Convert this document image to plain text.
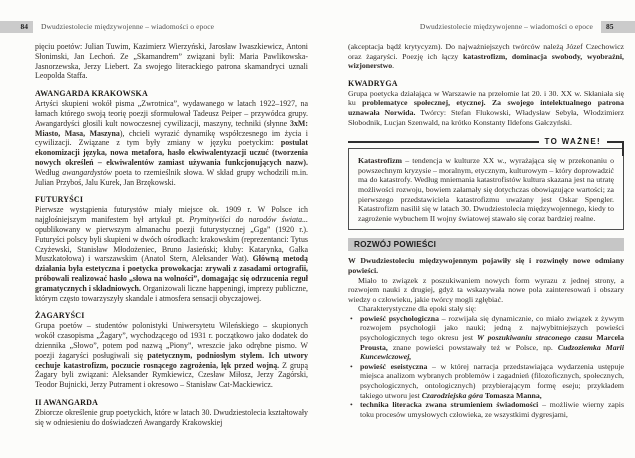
84	Dwudziestolecie międzywojenne – wiadomości o epoce

pięciu poetów: Julian Tuwim, Kazimierz Wierzyński, Jarosław Iwaszkiewicz, Antoni Słonimski, Jan Lechoń. Ze „Skamandrem” związani byli: Maria Pawlikowska-Jasnorzewska, Jerzy Liebert. Za swojego literackiego patrona skamandryci uznali Leopolda Staffa.

AWANGARDA KRAKOWSKA

Artyści skupieni wokół pisma „Zwrotnica”, wydawanego w latach 1922–1927, na łamach którego swoją teorię poezji sformułował Tadeusz Peiper – przywódca grupy. Awangardyści głosili kult nowoczesnej cywilizacji, maszyny, techniki (słynne 3xM: Miasto, Masa, Maszyna), chcieli wyrazić dynamikę współczesnego im życia i cywilizacji. Związane z tym były zmiany w języku poetyckim: postulat ekonomizacji języka, nowa metafora, hasło ekwiwalentyzacji uczuć (tworzenia nowych określeń – ekwiwalentów zamiast używania funkcjonujących nazw). Według awangardystów poeta to rzemieślnik słowa. W skład grupy wchodzili m.in. Julian Przyboś, Jalu Kurek, Jan Brzękowski.

FUTURYŚCI

Pierwsze wystąpienia futurystów miały miejsce ok. 1909 r. W Polsce ich najgłośniejszym manifestem był artykuł pt. Prymitywiści do narodów świata... opublikowany w pierwszym almanachu poezji futurystycznej „Gga” (1920 r.). Futuryści polscy byli skupieni w dwóch ośrodkach: krakowskim (reprezentanci: Tytus Czyżewski, Stanisław Młodożeniec, Bruno Jasieński; kluby: Katarynka, Gałka Muszkatołowa) i warszawskim (Anatol Stern, Aleksander Wat). Główną metodą działania była estetyczna i poetycka prowokacja: zrywali z zasadami ortografii, próbowali realizować hasło „słowa na wolności”, domagając się odrzucenia reguł gramatycznych i składniowych. Organizowali liczne happeningi, imprezy publiczne, którym często towarzyszyły skandale i atmosfera sensacji obyczajowej.

ŻAGARYŚCI

Grupa poetów – studentów polonistyki Uniwersytetu Wileńskiego – skupionych wokół czasopisma „Żagary”, wychodzącego od 1931 r. początkowo jako dodatek do dziennika „Słowo”, potem pod nazwą „Piony”, wreszcie jako odrębne pismo. W poezji żagaryści posługiwali się patetycznym, podniosłym stylem. Ich utwory cechuje katastrofizm, poczucie rosnącego zagrożenia, lęk przed wojną. Z grupą Żagary byli związani: Aleksander Rymkiewicz, Czesław Miłosz, Jerzy Zagórski, Teodor Bujnicki, Jerzy Putrament i okresowo – Stanisław Cat-Mackiewicz.

II AWANGARDA

Zbiorcze określenie grup poetyckich, które w latach 30. Dwudziestolecia kształtowały się w odniesieniu do doświadczeń Awangardy Krakowskiej

Dwudziestolecie międzywojenne – wiadomości o epoce	85

(akceptacja bądź krytycyzm). Do najważniejszych twórców należą Józef Czechowicz oraz żagaryści. Poezję ich łączy katastrofizm, dominacja swobody, wyobraźni, wizjonerstwo.

KWADRYGA

Grupa poetycka działająca w Warszawie na przełomie lat 20. i 30. XX w. Skłaniała się ku problematyce społecznej, etycznej. Za swojego intelektualnego patrona uznawała Norwida. Twórcy: Stefan Flukowski, Władysław Sebyła, Włodzimierz Słobodnik, Lucjan Szenwald, na krótko Konstanty Ildefons Gałczyński.

TO WAŻNE!

Katastrofizm – tendencja w kulturze XX w., wyrażająca się w przekonaniu o powszechnym kryzysie – moralnym, etycznym, kulturowym – który doprowadzić ma do katastrofy. Według mniemania katastrofistów kultura skazana jest na utratę możliwości rozwoju, bowiem załamały się dotychczas obowiązujące wartości; za pierwszego przedstawiciela katastrofizmu uważany jest Oskar Spengler. Katastrofizm nasilił się w latach 30. Dwudziestolecia międzywojennego, kiedy to zagrożenie wybuchem II wojny światowej stawało się coraz bardziej realne.

ROZWÓJ POWIEŚCI

W Dwudziestoleciu międzywojennym pojawiły się i rozwinęły nowe odmiany powieści.

Miało to związek z poszukiwaniem nowych form wyrazu z jednej strony, a rozwojem nauki z drugiej, gdyż ta wskazywała nowe pola zainteresowań i obszary wiedzy o człowieku, jakie twórcy mogli zgłębiać.

Charakterystyczne dla epoki stały się:

• powieść psychologiczna – rozwijała się dynamicznie, co miało związek z żywym rozwojem psychologii jako nauki; jedną z najwybitniejszych powieści psychologicznych tego okresu jest W poszukiwaniu straconego czasu Marcela Prousta, znane powieści powstawały też w Polsce, np. Cudzoziemka Marii Kuncewiczowej,
• powieść eseistyczna – w której narracja przedstawiająca wydarzenia ustępuje miejsca analizom wybranych problemów i zagadnień (filozoficznych, społecznych, psychologicznych, ontologicznych) przybierającym formę eseju; przykładem takiego utworu jest Czarodziejska góra Tomasza Manna,
• technika literacka zwana strumieniem świadomości – możliwie wierny zapis toku procesów umysłowych człowieka, ze wszystkimi dygresjami,
